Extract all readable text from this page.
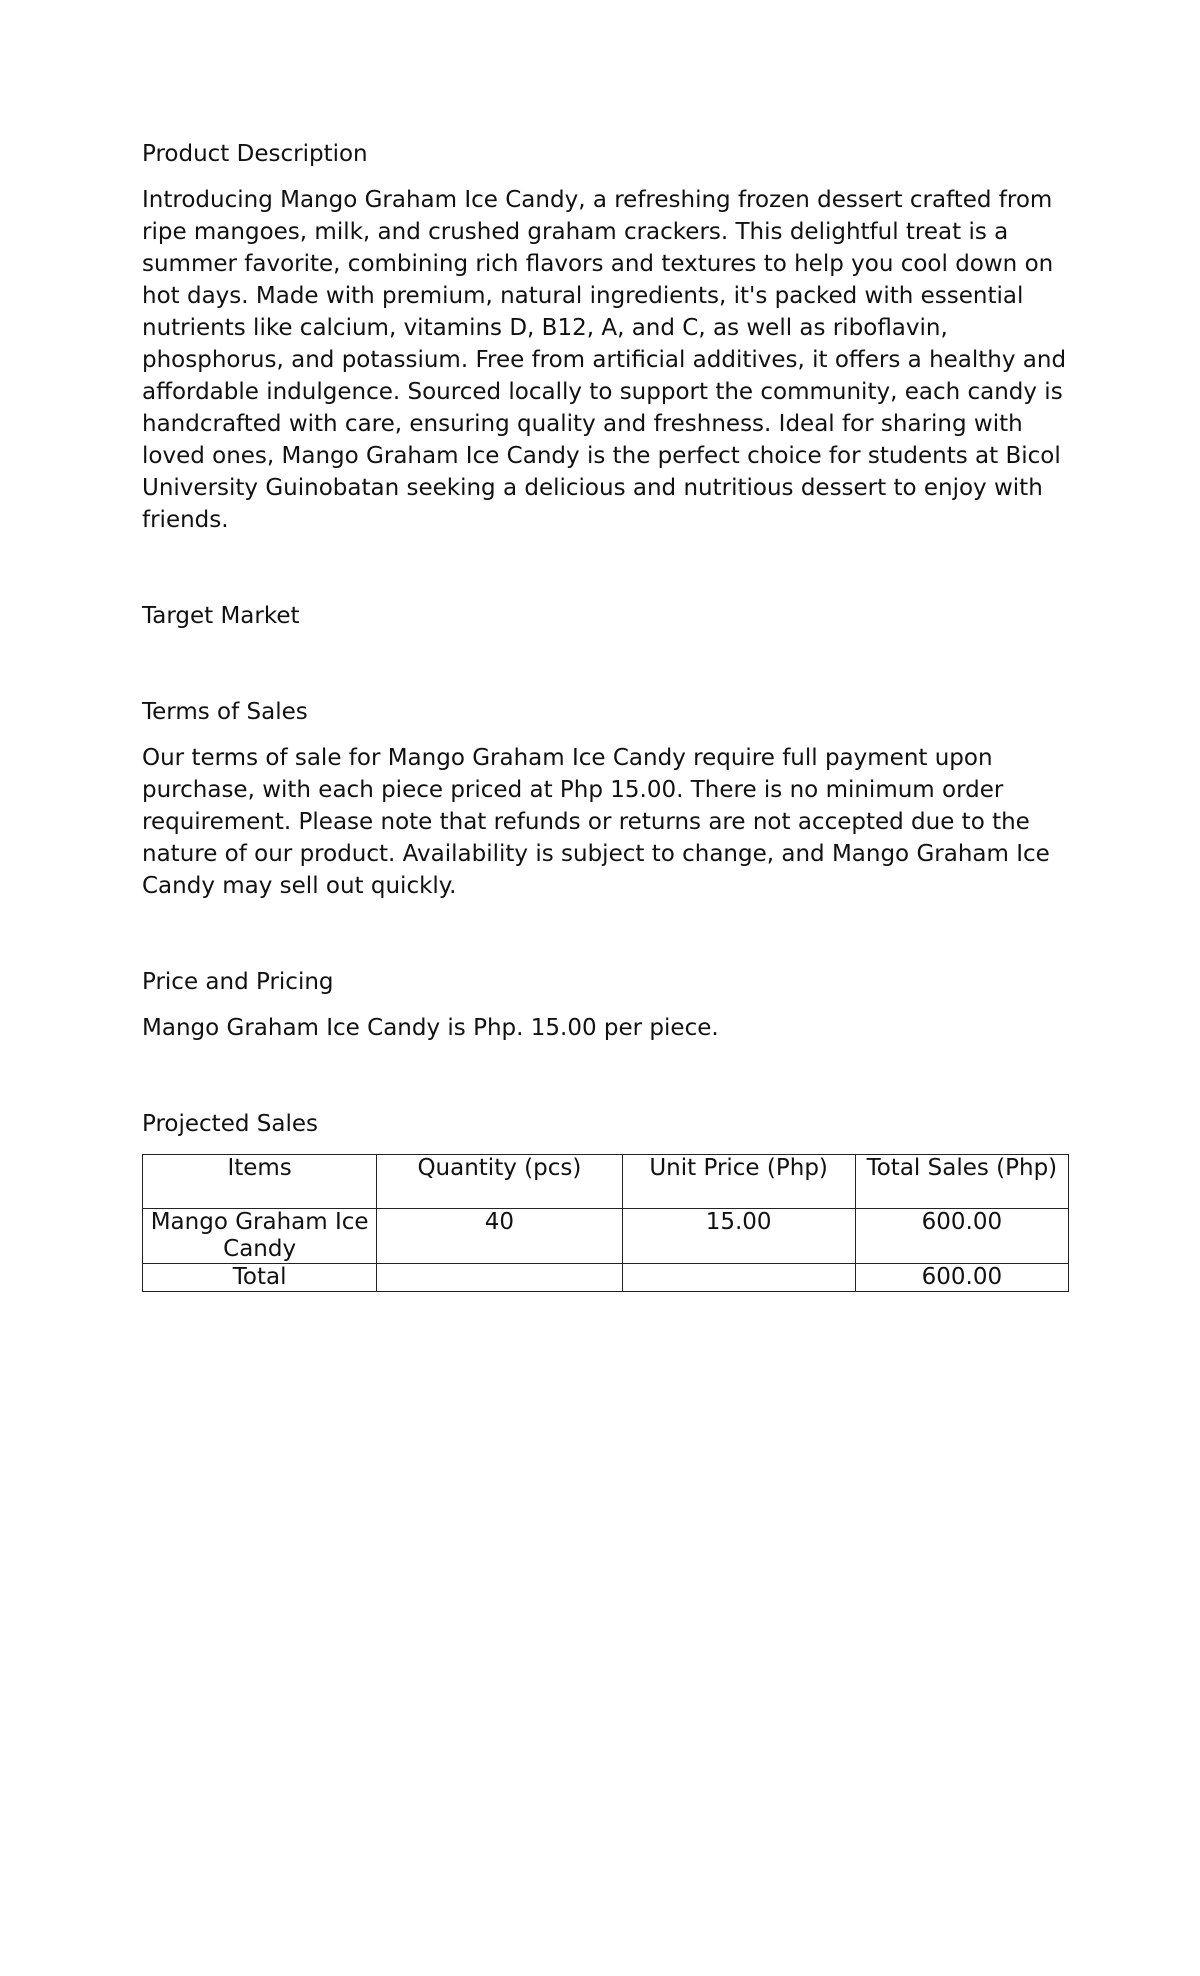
Product Description

Introducing Mango Graham Ice Candy, a refreshing frozen dessert crafted from ripe mangoes, milk, and crushed graham crackers. This delightful treat is a summer favorite, combining rich flavors and textures to help you cool down on hot days. Made with premium, natural ingredients, it's packed with essential nutrients like calcium, vitamins D, B12, A, and C, as well as riboflavin, phosphorus, and potassium. Free from artificial additives, it offers a healthy and affordable indulgence. Sourced locally to support the community, each candy is handcrafted with care, ensuring quality and freshness. Ideal for sharing with loved ones, Mango Graham Ice Candy is the perfect choice for students at Bicol University Guinobatan seeking a delicious and nutritious dessert to enjoy with friends.

Target Market

Terms of Sales

Our terms of sale for Mango Graham Ice Candy require full payment upon purchase, with each piece priced at Php 15.00. There is no minimum order requirement. Please note that refunds or returns are not accepted due to the nature of our product. Availability is subject to change, and Mango Graham Ice Candy may sell out quickly.

Price and Pricing

Mango Graham Ice Candy is Php. 15.00 per piece.

Projected Sales

Items	Quantity (pcs)	Unit Price (Php)	Total Sales (Php)
Mango Graham Ice Candy	40	15.00	600.00
Total			600.00
